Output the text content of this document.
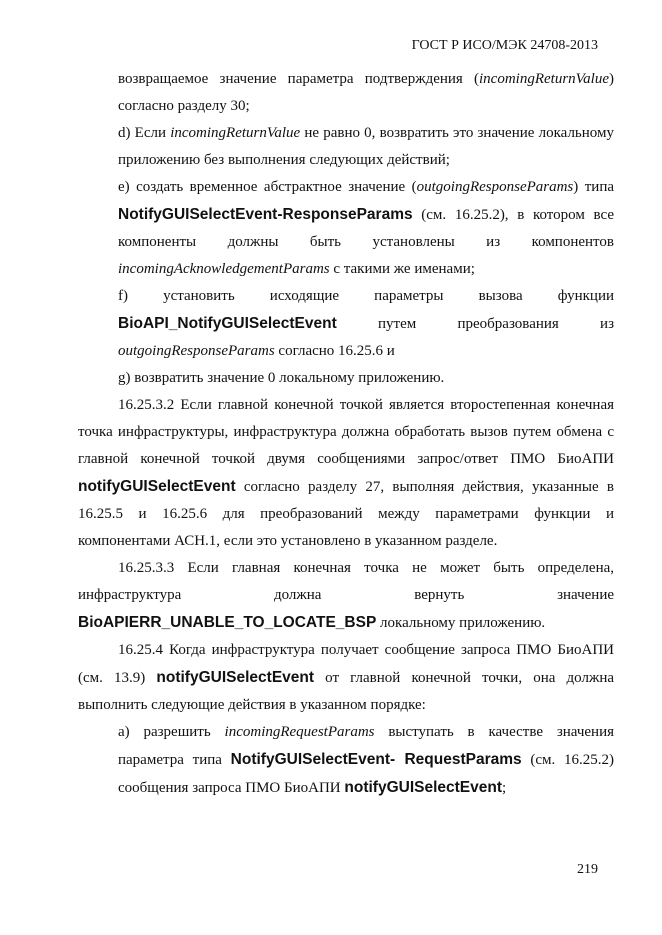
ГОСТ Р ИСО/МЭК 24708-2013

возвращаемое значение параметра подтверждения (incomingReturnValue) согласно разделу 30;

d) Если incomingReturnValue не равно 0, возвратить это значение локальному приложению без выполнения следующих действий;

e) создать временное абстрактное значение (outgoingResponseParams) типа NotifyGUISelectEvent-ResponseParams (см. 16.25.2), в котором все компоненты должны быть установлены из компонентов incomingAcknowledgementParams с такими же именами;

f) установить исходящие параметры вызова функции BioAPI_NotifyGUISelectEvent путем преобразования из outgoingResponseParams согласно 16.25.6 и

g) возвратить значение 0 локальному приложению.

16.25.3.2 Если главной конечной точкой является второстепенная конечная точка инфраструктуры, инфраструктура должна обработать вызов путем обмена с главной конечной точкой двумя сообщениями запрос/ответ ПМО БиоАПИ notifyGUISelectEvent согласно разделу 27, выполняя действия, указанные в 16.25.5 и 16.25.6 для преобразований между параметрами функции и компонентами АСН.1, если это установлено в указанном разделе.

16.25.3.3 Если главная конечная точка не может быть определена, инфраструктура должна вернуть значение BioAPIERR_UNABLE_TO_LOCATE_BSP локальному приложению.

16.25.4 Когда инфраструктура получает сообщение запроса ПМО БиоАПИ (см. 13.9) notifyGUISelectEvent от главной конечной точки, она должна выполнить следующие действия в указанном порядке:

a) разрешить incomingRequestParams выступать в качестве значения параметра типа NotifyGUISelectEvent- RequestParams (см. 16.25.2) сообщения запроса ПМО БиоАПИ notifyGUISelectEvent;

219
